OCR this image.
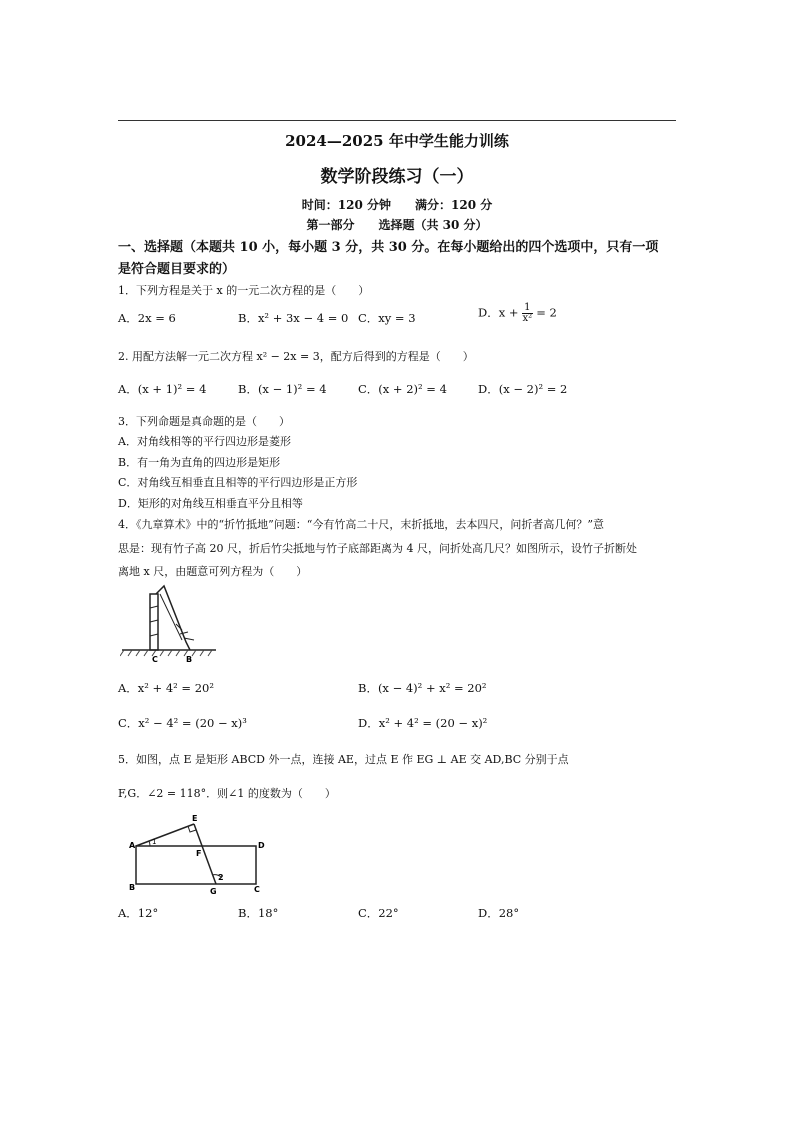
2024—2025 年中学生能力训练
数学阶段练习（一）
时间：120 分钟　　满分：120 分
第一部分　　选择题（共 30 分）
一、选择题（本题共 10 小，每小题 3 分，共 30 分。在每小题给出的四个选项中，只有一项
是符合题目要求的）
1．下列方程是关于 x 的一元二次方程的是（　　）
A．2x = 6	B．x² + 3x − 4 = 0 C．xy = 3	D．$x + \frac{1}{\text{x²}} = 2$
2. 用配方法解一元二次方程 x² − 2x = 3，配方后得到的方程是（　　）
A．(x + 1)² = 4	B．(x − 1)² = 4	C．(x + 2)² = 4	D．(x − 2)² = 2
3．下列命题是真命题的是（　　）
A．对角线相等的平行四边形是菱形
B．有一角为直角的四边形是矩形
C．对角线互相垂直且相等的平行四边形是正方形
D．矩形的对角线互相垂直平分且相等
4．《九章算术》中的“折竹抵地”问题：“今有竹高二十尺，末折抵地，去本四尺，问折者高几何？”意
思是：现有竹子高 20 尺，折后竹尖抵地与竹子底部距离为 4 尺，问折处高几尺？如图所示，设竹子折断处
离地 x 尺，由题意可列方程为（　　）
C	B
A．x² + 4² = 20²	B．(x − 4)² + x² = 20²
C．x² − 4² = (20 − x)³	D．x² + 4² = (20 − x)²
5．如图，点 E 是矩形 ABCD 外一点，连接 AE，过点 E 作 EG ⊥ AE 交 AD,BC 分别于点
F,G．∠2 = 118°．则∠1 的度数为（　　）
A
B	C
D
E
F
G
1
2
A．12°	B．18°	C．22°	D．28°
